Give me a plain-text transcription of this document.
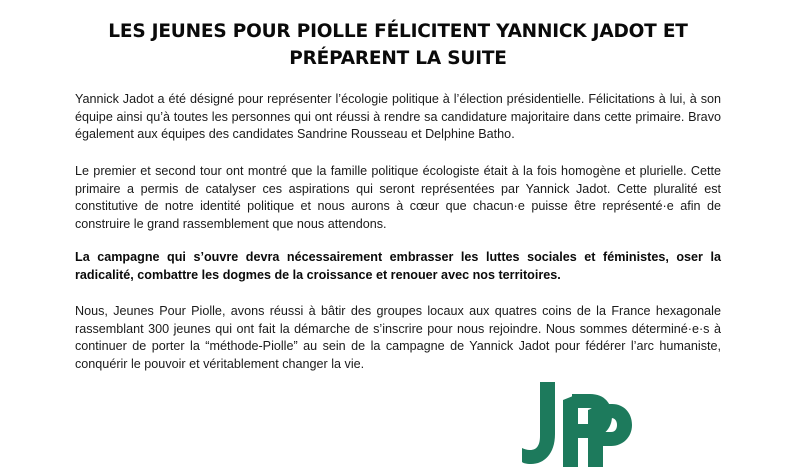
LES JEUNES POUR PIOLLE FÉLICITENT YANNICK JADOT ET PRÉPARENT LA SUITE

Yannick Jadot a été désigné pour représenter l’écologie politique à l’élection présidentielle. Félicitations à lui, à son équipe ainsi qu’à toutes les personnes qui ont réussi à rendre sa candidature majoritaire dans cette primaire. Bravo également aux équipes des candidates Sandrine Rousseau et Delphine Batho.

Le premier et second tour ont montré que la famille politique écologiste était à la fois homogène et plurielle. Cette primaire a permis de catalyser ces aspirations qui seront représentées par Yannick Jadot. Cette pluralité est constitutive de notre identité politique et nous aurons à cœur que chacun·e puisse être représenté·e afin de construire le grand rassemblement que nous attendons.

La campagne qui s’ouvre devra nécessairement embrasser les luttes sociales et féministes, oser la radicalité, combattre les dogmes de la croissance et renouer avec nos territoires.

Nous, Jeunes Pour Piolle, avons réussi à bâtir des groupes locaux aux quatres coins de la France hexagonale rassemblant 300 jeunes qui ont fait la démarche de s’inscrire pour nous rejoindre. Nous sommes déterminé·e·s à continuer de porter la “méthode-Piolle” au sein de la campagne de Yannick Jadot pour fédérer l’arc humaniste, conquérir le pouvoir et véritablement changer la vie.
